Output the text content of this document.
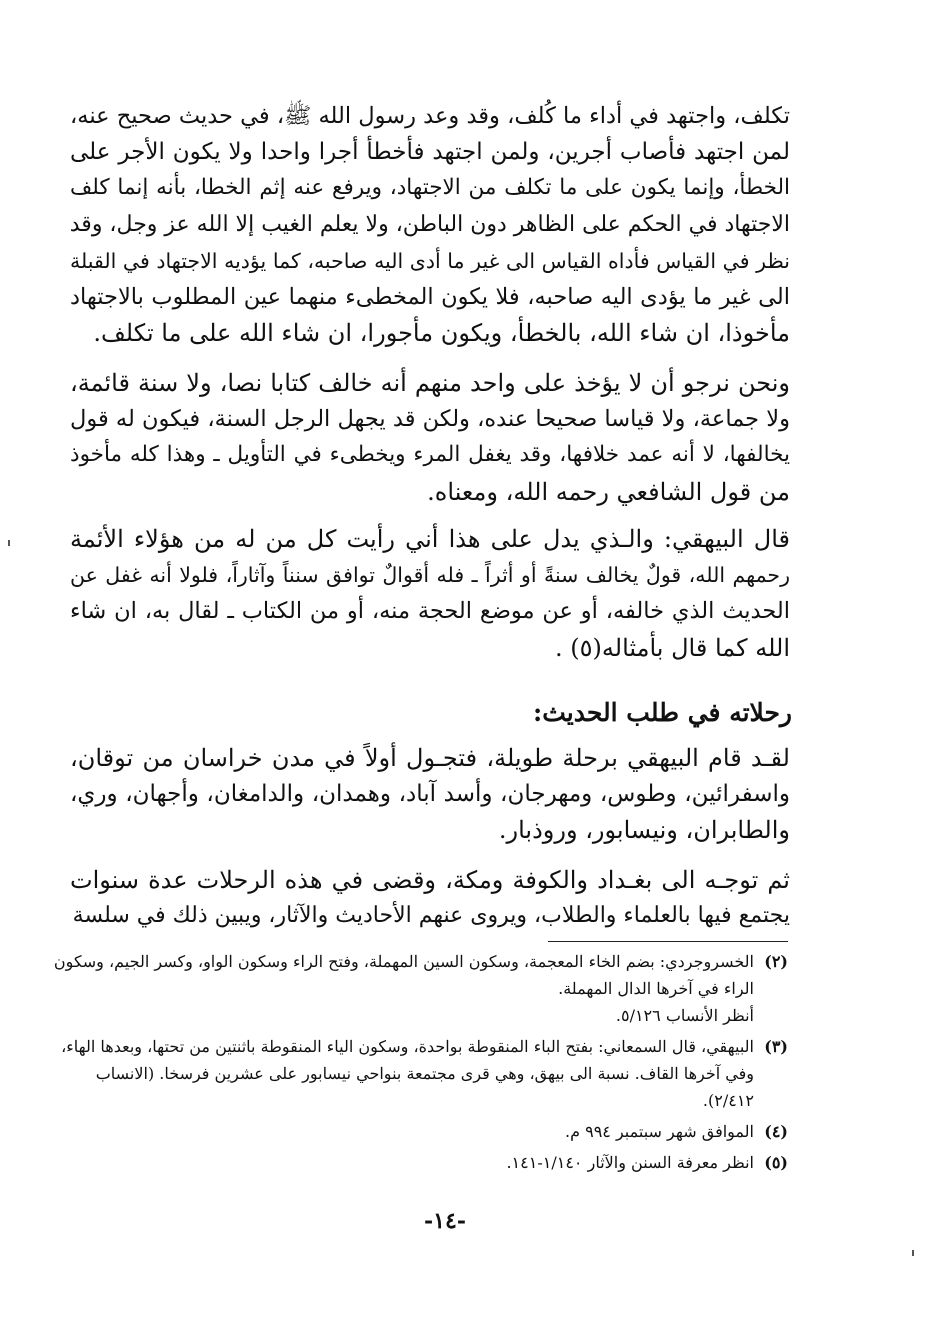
تكلف، واجتهد في أداء ما كُلف، وقد وعد رسول الله ﷺ، في حديث صحيح عنه،
لمن اجتهد فأصاب أجرين، ولمن اجتهد فأخطأ أجرا واحدا ولا يكون الأجر على
الخطأ، وإنما يكون على ما تكلف من الاجتهاد، ويرفع عنه إثم الخطا، بأنه إنما كلف
الاجتهاد في الحكم على الظاهر دون الباطن، ولا يعلم الغيب إلا الله عز وجل، وقد
نظر في القياس فأداه القياس الى غير ما أدى اليه صاحبه، كما يؤديه الاجتهاد في القبلة
الى غير ما يؤدى اليه صاحبه، فلا يكون المخطىء منهما عين المطلوب بالاجتهاد
مأخوذا، ان شاء الله، بالخطأ، ويكون مأجورا، ان شاء الله على ما تكلف.
ونحن نرجو أن لا يؤخذ على واحد منهم أنه خالف كتابا نصا، ولا سنة قائمة،
ولا جماعة، ولا قياسا صحيحا عنده، ولكن قد يجهل الرجل السنة، فيكون له قول
يخالفها، لا أنه عمد خلافها، وقد يغفل المرء ويخطىء في التأويل ـ وهذا كله مأخوذ
من قول الشافعي رحمه الله، ومعناه.
قال البيهقي: والـذي يدل على هذا أني رأيت كل من له من هؤلاء الأئمة
رحمهم الله، قولٌ يخالف سنةً أو أثراً ـ فله أقوالٌ توافق سنناً وآثاراً، فلولا أنه غفل عن
الحديث الذي خالفه، أو عن موضع الحجة منه، أو من الكتاب ـ لقال به، ان شاء
الله كما قال بأمثاله(٥) .
رحلاته في طلب الحديث:
لقـد قام البيهقي برحلة طويلة، فتجـول أولاً في مدن خراسان من توقان،
واسفرائين، وطوس، ومهرجان، وأسد آباد، وهمدان، والدامغان، وأجهان، وري،
والطابران، ونيسابور، وروذبار.
ثم توجـه الى بغـداد والكوفة ومكة، وقضى في هذه الرحلات عدة سنوات
يجتمع فيها بالعلماء والطلاب، ويروى عنهم الأحاديث والآثار، ويبين ذلك في سلسة
(٢)
الخسروجردي: بضم الخاء المعجمة، وسكون السين المهملة، وفتح الراء وسكون الواو، وكسر الجيم، وسكون
الراء في آخرها الدال المهملة.
أنظر الأنساب ٥/١٢٦.
(٣)
البيهقي، قال السمعاني: بفتح الباء المنقوطة بواحدة، وسكون الياء المنقوطة باثنتين من تحتها، وبعدها الهاء،
وفي آخرها القاف. نسبة الى بيهق، وهي قرى مجتمعة بنواحي نيسابور على عشرين فرسخا. (الانساب
٢/٤١٢).
(٤)
الموافق شهر سبتمبر ٩٩٤ م.
(٥)
انظر معرفة السنن والآثار ١/١٤٠-١٤١.
-١٤-
